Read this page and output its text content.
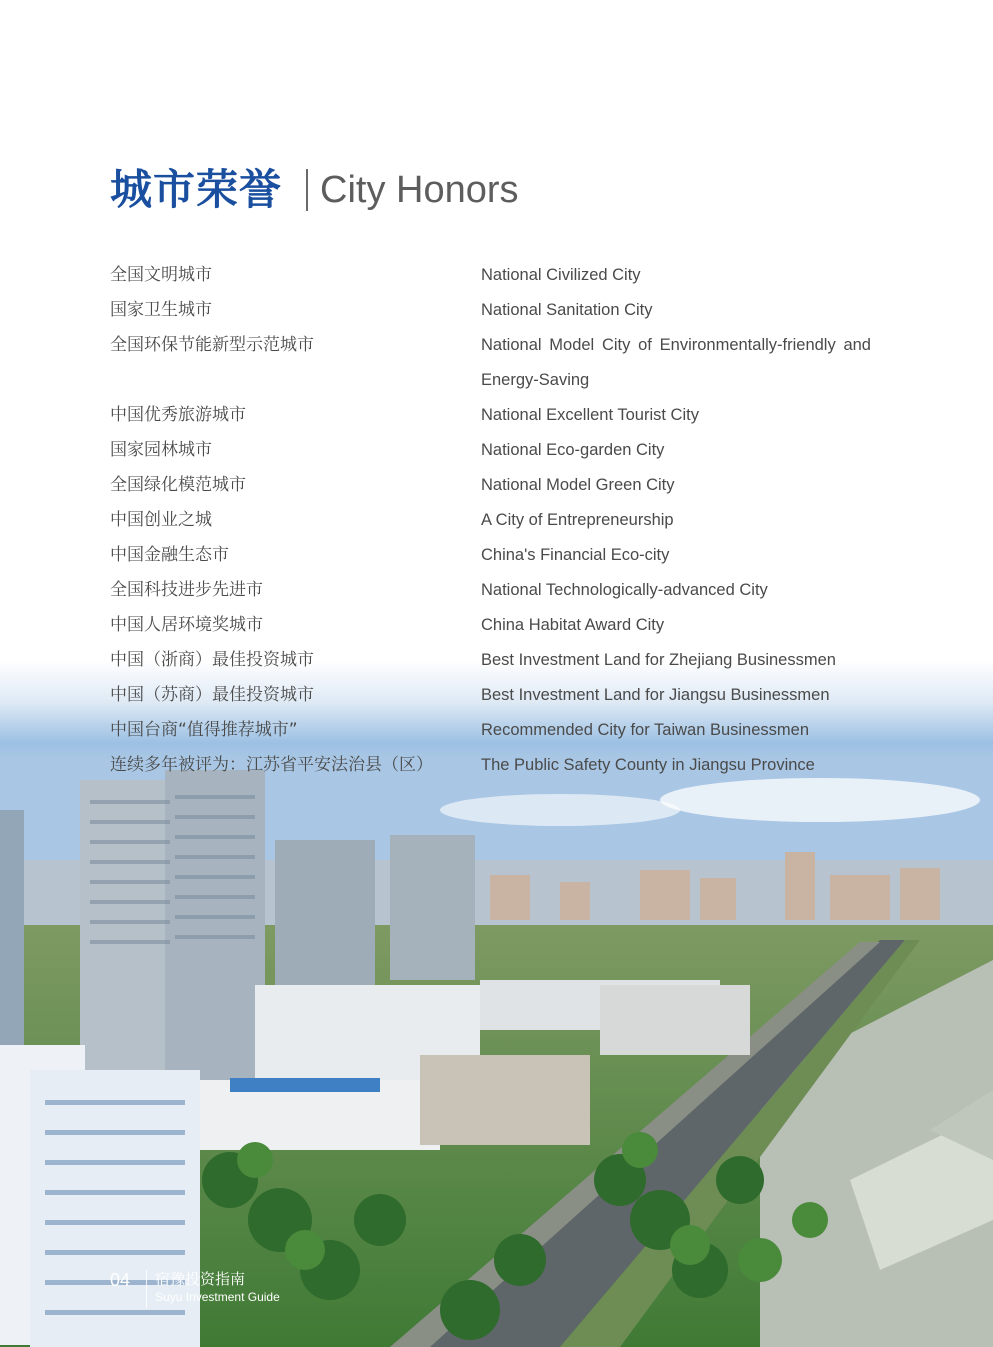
城市荣誉 City Honors
全国文明城市	National Civilized City
国家卫生城市	National Sanitation City
全国环保节能新型示范城市	National Model City of Environmentally-friendly and Energy-Saving
中国优秀旅游城市	National Excellent Tourist City
国家园林城市	National Eco-garden City
全国绿化模范城市	National Model Green City
中国创业之城	A City of Entrepreneurship
中国金融生态市	China's Financial Eco-city
全国科技进步先进市	National Technologically-advanced City
中国人居环境奖城市	China Habitat Award City
中国（浙商）最佳投资城市	Best Investment Land for Zhejiang Businessmen
中国（苏商）最佳投资城市	Best Investment Land for Jiangsu Businessmen
中国台商“值得推荐城市”	Recommended City for Taiwan Businessmen
连续多年被评为：江苏省平安法治县（区）	The Public Safety County in Jiangsu Province
04 宿豫投资指南
Suyu Investment Guide
